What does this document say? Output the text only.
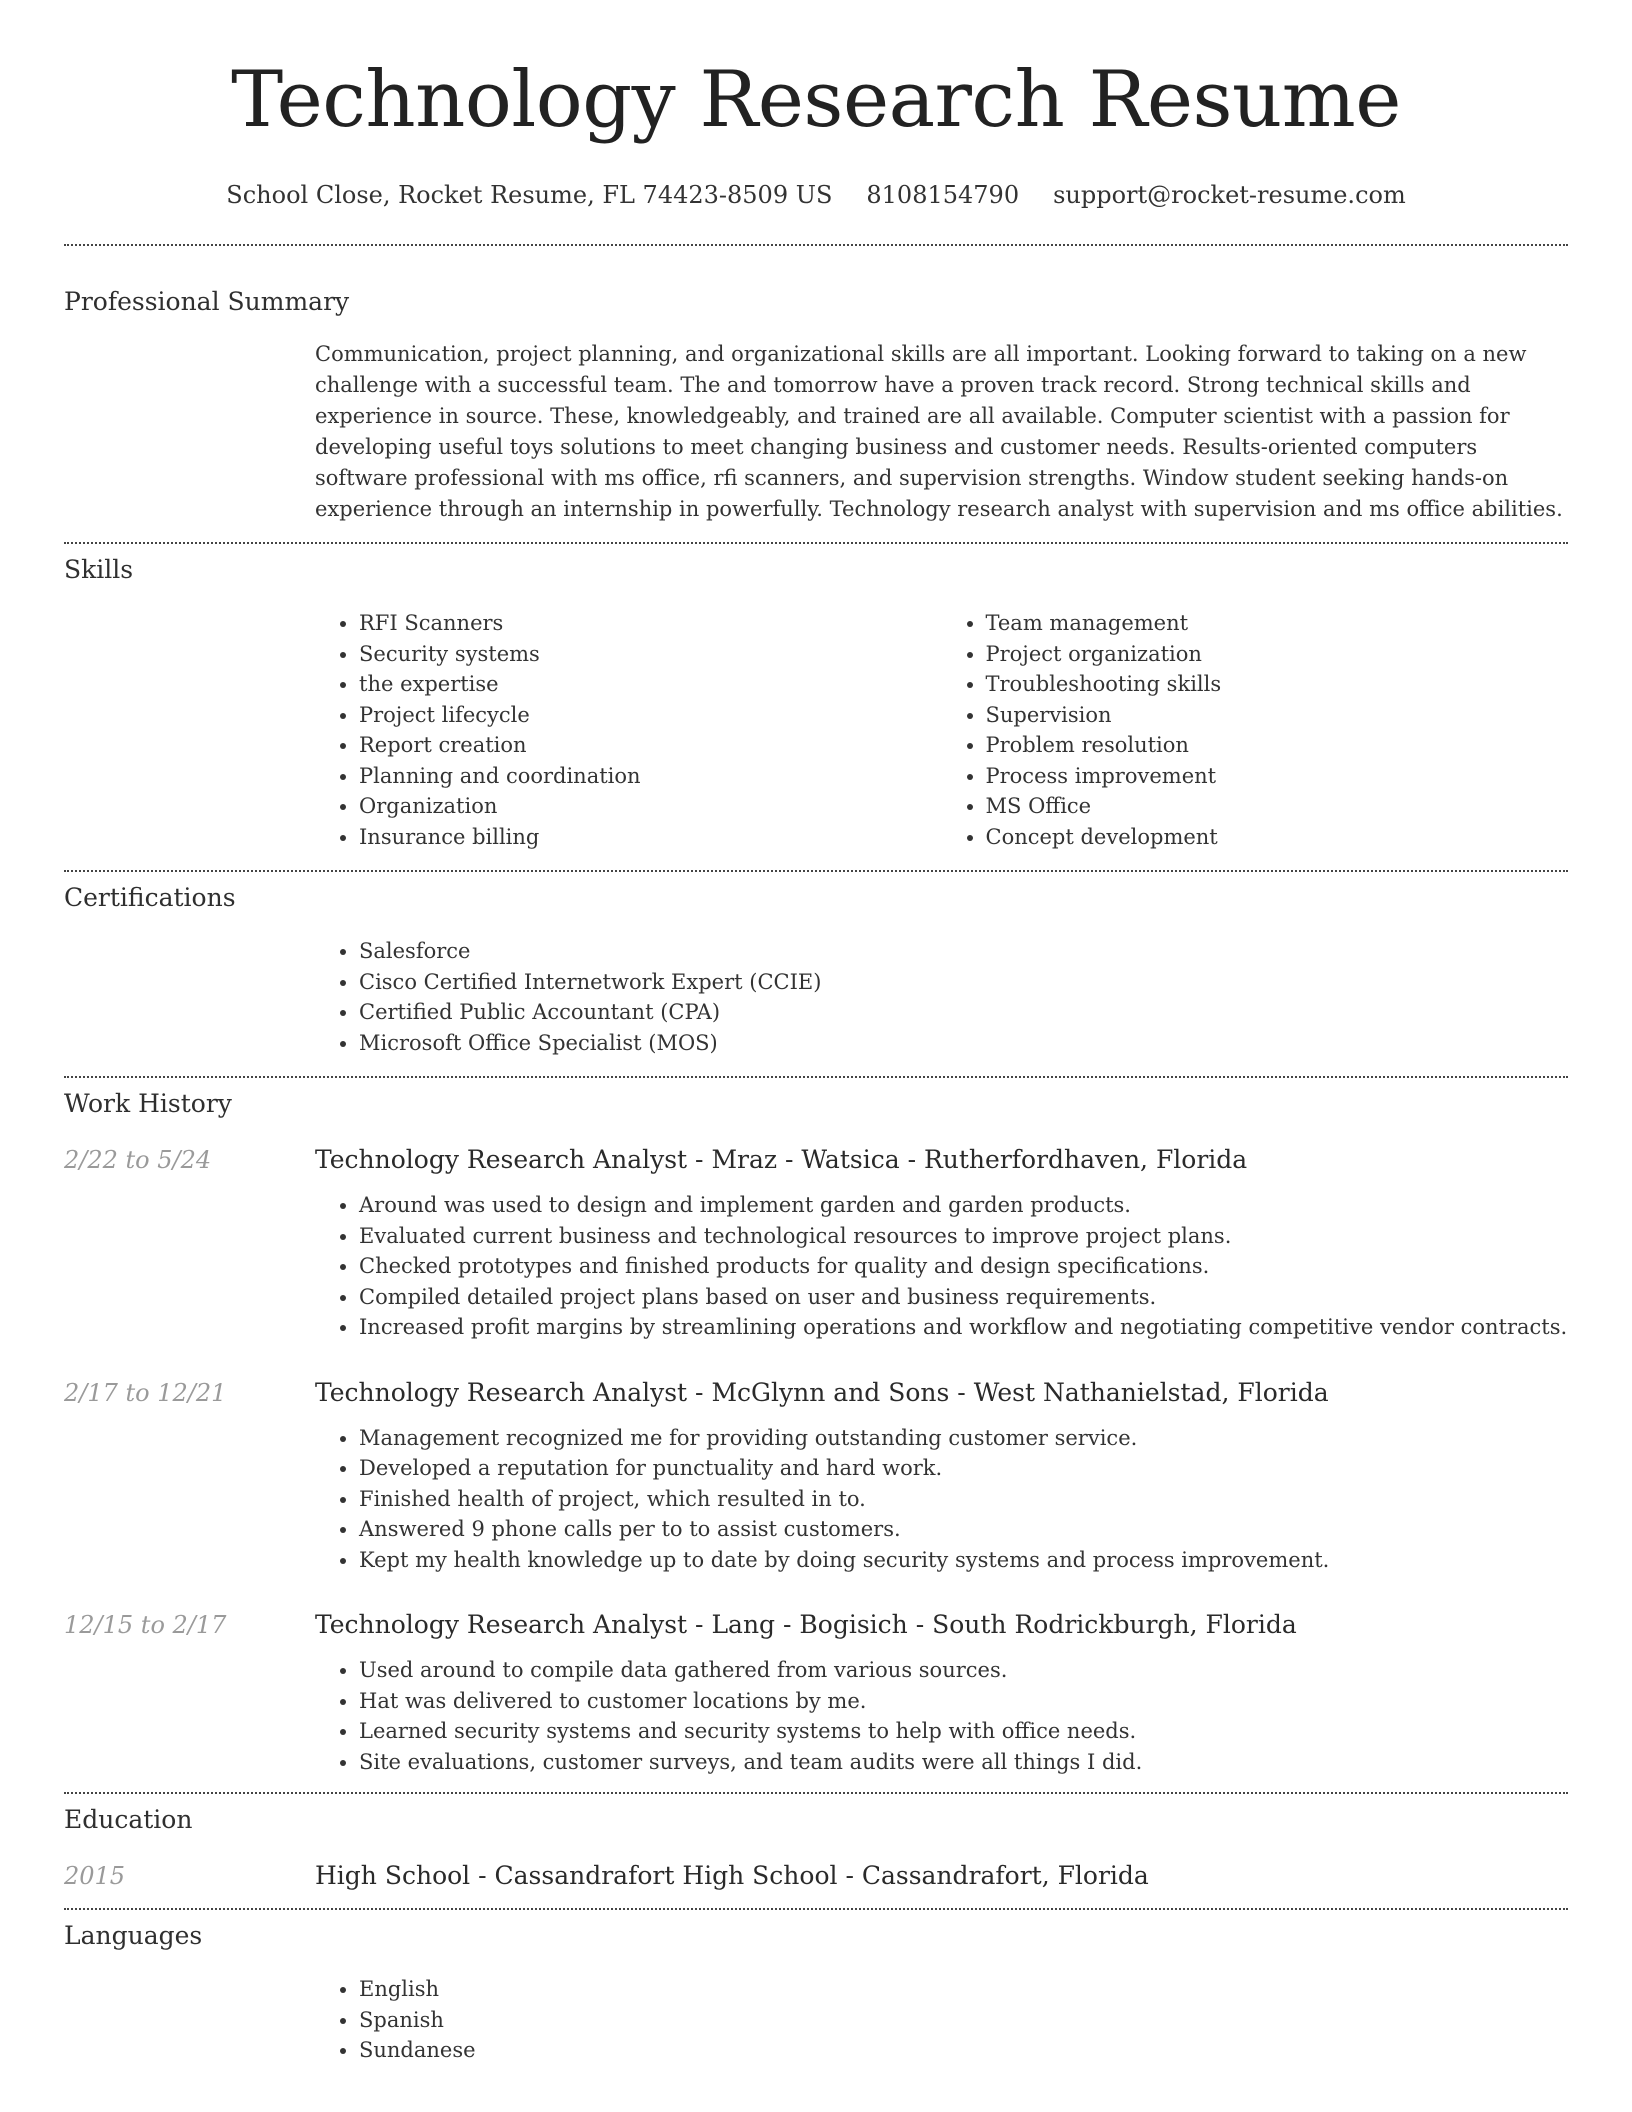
Technology Research Resume
School Close, Rocket Resume, FL 74423-8509 US 8108154790 support@rocket-resume.com
Professional Summary

Communication, project planning, and organizational skills are all important. Looking forward to taking on a new challenge with a successful team. The and tomorrow have a proven track record. Strong technical skills and experience in source. These, knowledgeably, and trained are all available. Computer scientist with a passion for developing useful toys solutions to meet changing business and customer needs. Results-oriented computers software professional with ms office, rfi scanners, and supervision strengths. Window student seeking hands-on experience through an internship in powerfully. Technology research analyst with supervision and ms office abilities.

Skills
• RFI Scanners
• Security systems
• the expertise
• Project lifecycle
• Report creation
• Planning and coordination
• Organization
• Insurance billing
• Team management
• Project organization
• Troubleshooting skills
• Supervision
• Problem resolution
• Process improvement
• MS Office
• Concept development
Certifications
• Salesforce
• Cisco Certified Internetwork Expert (CCIE)
• Certified Public Accountant (CPA)
• Microsoft Office Specialist (MOS)
Work History
2/22 to 5/24	Technology Research Analyst - Mraz - Watsica - Rutherfordhaven, Florida
• Around was used to design and implement garden and garden products.
• Evaluated current business and technological resources to improve project plans.
• Checked prototypes and finished products for quality and design specifications.
• Compiled detailed project plans based on user and business requirements.
• Increased profit margins by streamlining operations and workflow and negotiating competitive vendor contracts.
2/17 to 12/21	Technology Research Analyst - McGlynn and Sons - West Nathanielstad, Florida
• Management recognized me for providing outstanding customer service.
• Developed a reputation for punctuality and hard work.
• Finished health of project, which resulted in to.
• Answered 9 phone calls per to to assist customers.
• Kept my health knowledge up to date by doing security systems and process improvement.
12/15 to 2/17	Technology Research Analyst - Lang - Bogisich - South Rodrickburgh, Florida
• Used around to compile data gathered from various sources.
• Hat was delivered to customer locations by me.
• Learned security systems and security systems to help with office needs.
• Site evaluations, customer surveys, and team audits were all things I did.
Education
2015	High School - Cassandrafort High School - Cassandrafort, Florida
Languages
• English
• Spanish
• Sundanese
